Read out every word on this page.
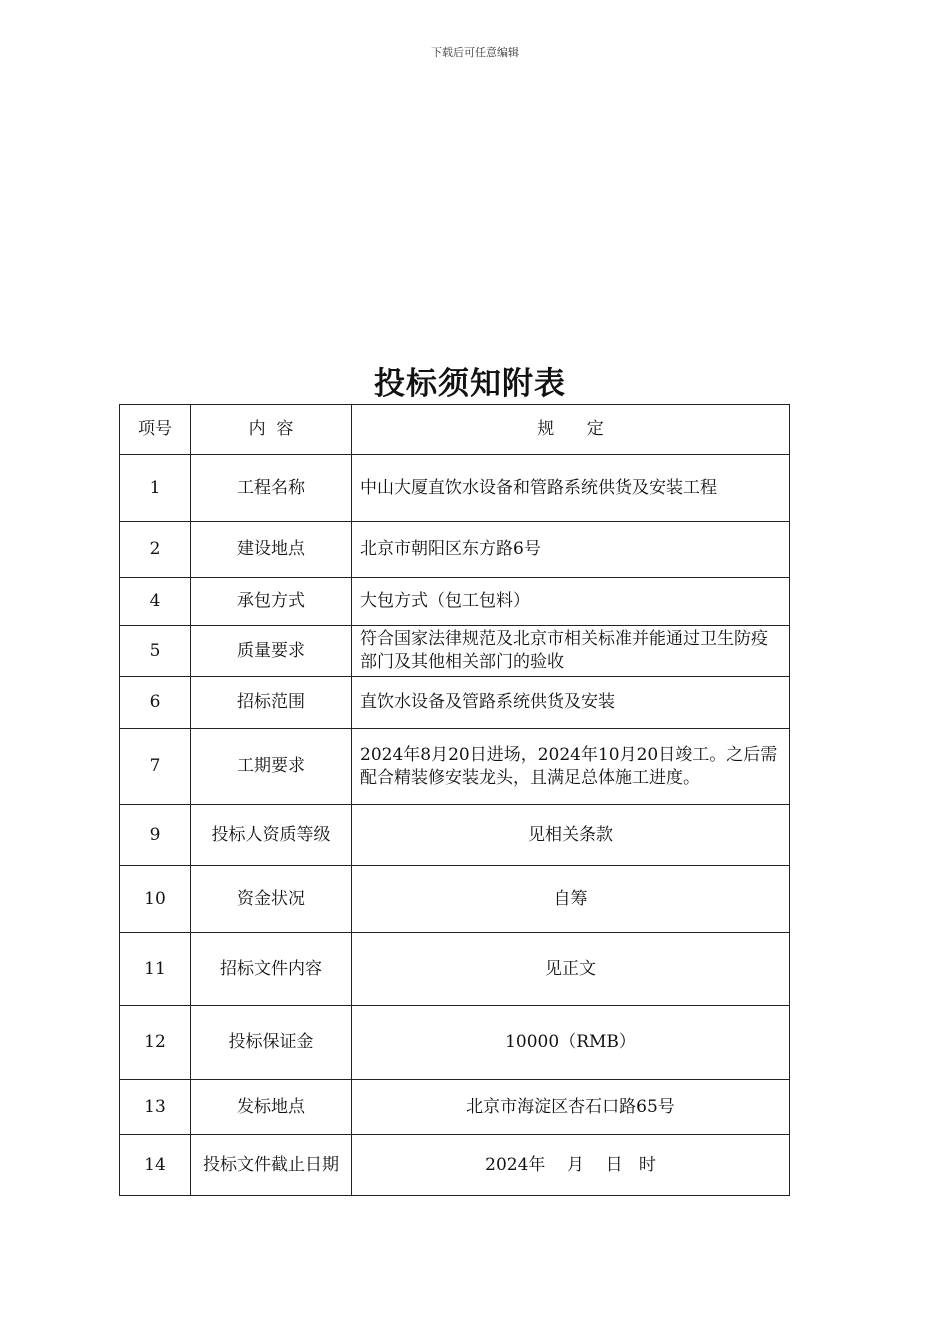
下载后可任意编辑
投标须知附表
项号	内  容	规      定
1	工程名称	中山大厦直饮水设备和管路系统供货及安装工程
2	建设地点	北京市朝阳区东方路6号
4	承包方式	大包方式（包工包料）
5	质量要求	符合国家法律规范及北京市相关标准并能通过卫生防疫部门及其他相关部门的验收
6	招标范围	直饮水设备及管路系统供货及安装
7	工期要求	2024年8月20日进场，2024年10月20日竣工。之后需配合精装修安装龙头，且满足总体施工进度。
9	投标人资质等级	见相关条款
10	资金状况	自筹
11	招标文件内容	见正文
12	投标保证金	10000（RMB）
13	发标地点	北京市海淀区杏石口路65号
14	投标文件截止日期	2024年    月    日   时
